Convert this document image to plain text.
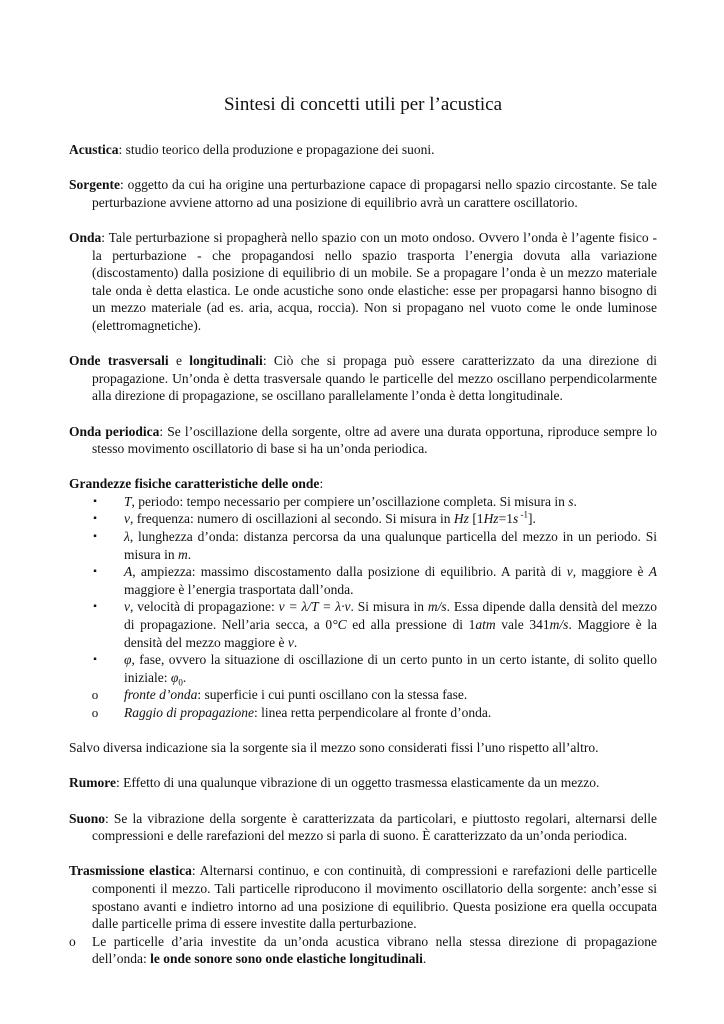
Sintesi di concetti utili per l’acustica

Acustica: studio teorico della produzione e propagazione dei suoni.

Sorgente: oggetto da cui ha origine una perturbazione capace di propagarsi nello spazio circostante. Se tale perturbazione avviene attorno ad una posizione di equilibrio avrà un carattere oscillatorio.

Onda: Tale perturbazione si propagherà nello spazio con un moto ondoso. Ovvero l’onda è l’agente fisico - la perturbazione - che propagandosi nello spazio trasporta l’energia dovuta alla variazione (discostamento) dalla posizione di equilibrio di un mobile. Se a propagare l’onda è un mezzo materiale tale onda è detta elastica. Le onde acustiche sono onde elastiche: esse per propagarsi hanno bisogno di un mezzo materiale (ad es. aria, acqua, roccia). Non si propagano nel vuoto come le onde luminose (elettromagnetiche).

Onde trasversali e longitudinali: Ciò che si propaga può essere caratterizzato da una direzione di propagazione. Un’onda è detta trasversale quando le particelle del mezzo oscillano perpendicolarmente alla direzione di propagazione, se oscillano parallelamente l’onda è detta longitudinale.

Onda periodica: Se l’oscillazione della sorgente, oltre ad avere una durata opportuna, riproduce sempre lo stesso movimento oscillatorio di base si ha un’onda periodica.

Grandezze fisiche caratteristiche delle onde:

▪	T, periodo: tempo necessario per compiere un’oscillazione completa. Si misura in s.
▪	ν, frequenza: numero di oscillazioni al secondo. Si misura in Hz [1Hz=1s $^{-1}$].
▪	λ, lunghezza d’onda: distanza percorsa da una qualunque particella del mezzo in un periodo. Si misura in m.
▪	A, ampiezza: massimo discostamento dalla posizione di equilibrio. A parità di ν, maggiore è A maggiore è l’energia trasportata dall’onda.
▪	v, velocità di propagazione: v = λ/T = λ·ν. Si misura in m/s. Essa dipende dalla densità del mezzo di propagazione. Nell’aria secca, a 0°C ed alla pressione di 1atm vale 341m/s. Maggiore è la densità del mezzo maggiore è v.
▪	φ, fase, ovvero la situazione di oscillazione di un certo punto in un certo istante, di solito quello iniziale: $\varphi_0$.
o fronte d’onda: superficie i cui punti oscillano con la stessa fase.
o Raggio di propagazione: linea retta perpendicolare al fronte d’onda.

Salvo diversa indicazione sia la sorgente sia il mezzo sono considerati fissi l’uno rispetto all’altro.

Rumore: Effetto di una qualunque vibrazione di un oggetto trasmessa elasticamente da un mezzo.

Suono: Se la vibrazione della sorgente è caratterizzata da particolari, e piuttosto regolari, alternarsi delle compressioni e delle rarefazioni del mezzo si parla di suono. È caratterizzato da un’onda periodica.

Trasmissione elastica: Alternarsi continuo, e con continuità, di compressioni e rarefazioni delle particelle componenti il mezzo. Tali particelle riproducono il movimento oscillatorio della sorgente: anch’esse si spostano avanti e indietro intorno ad una posizione di equilibrio. Questa posizione era quella occupata dalle particelle prima di essere investite dalla perturbazione.

o Le particelle d’aria investite da un’onda acustica vibrano nella stessa direzione di propagazione dell’onda: le onde sonore sono onde elastiche longitudinali.
